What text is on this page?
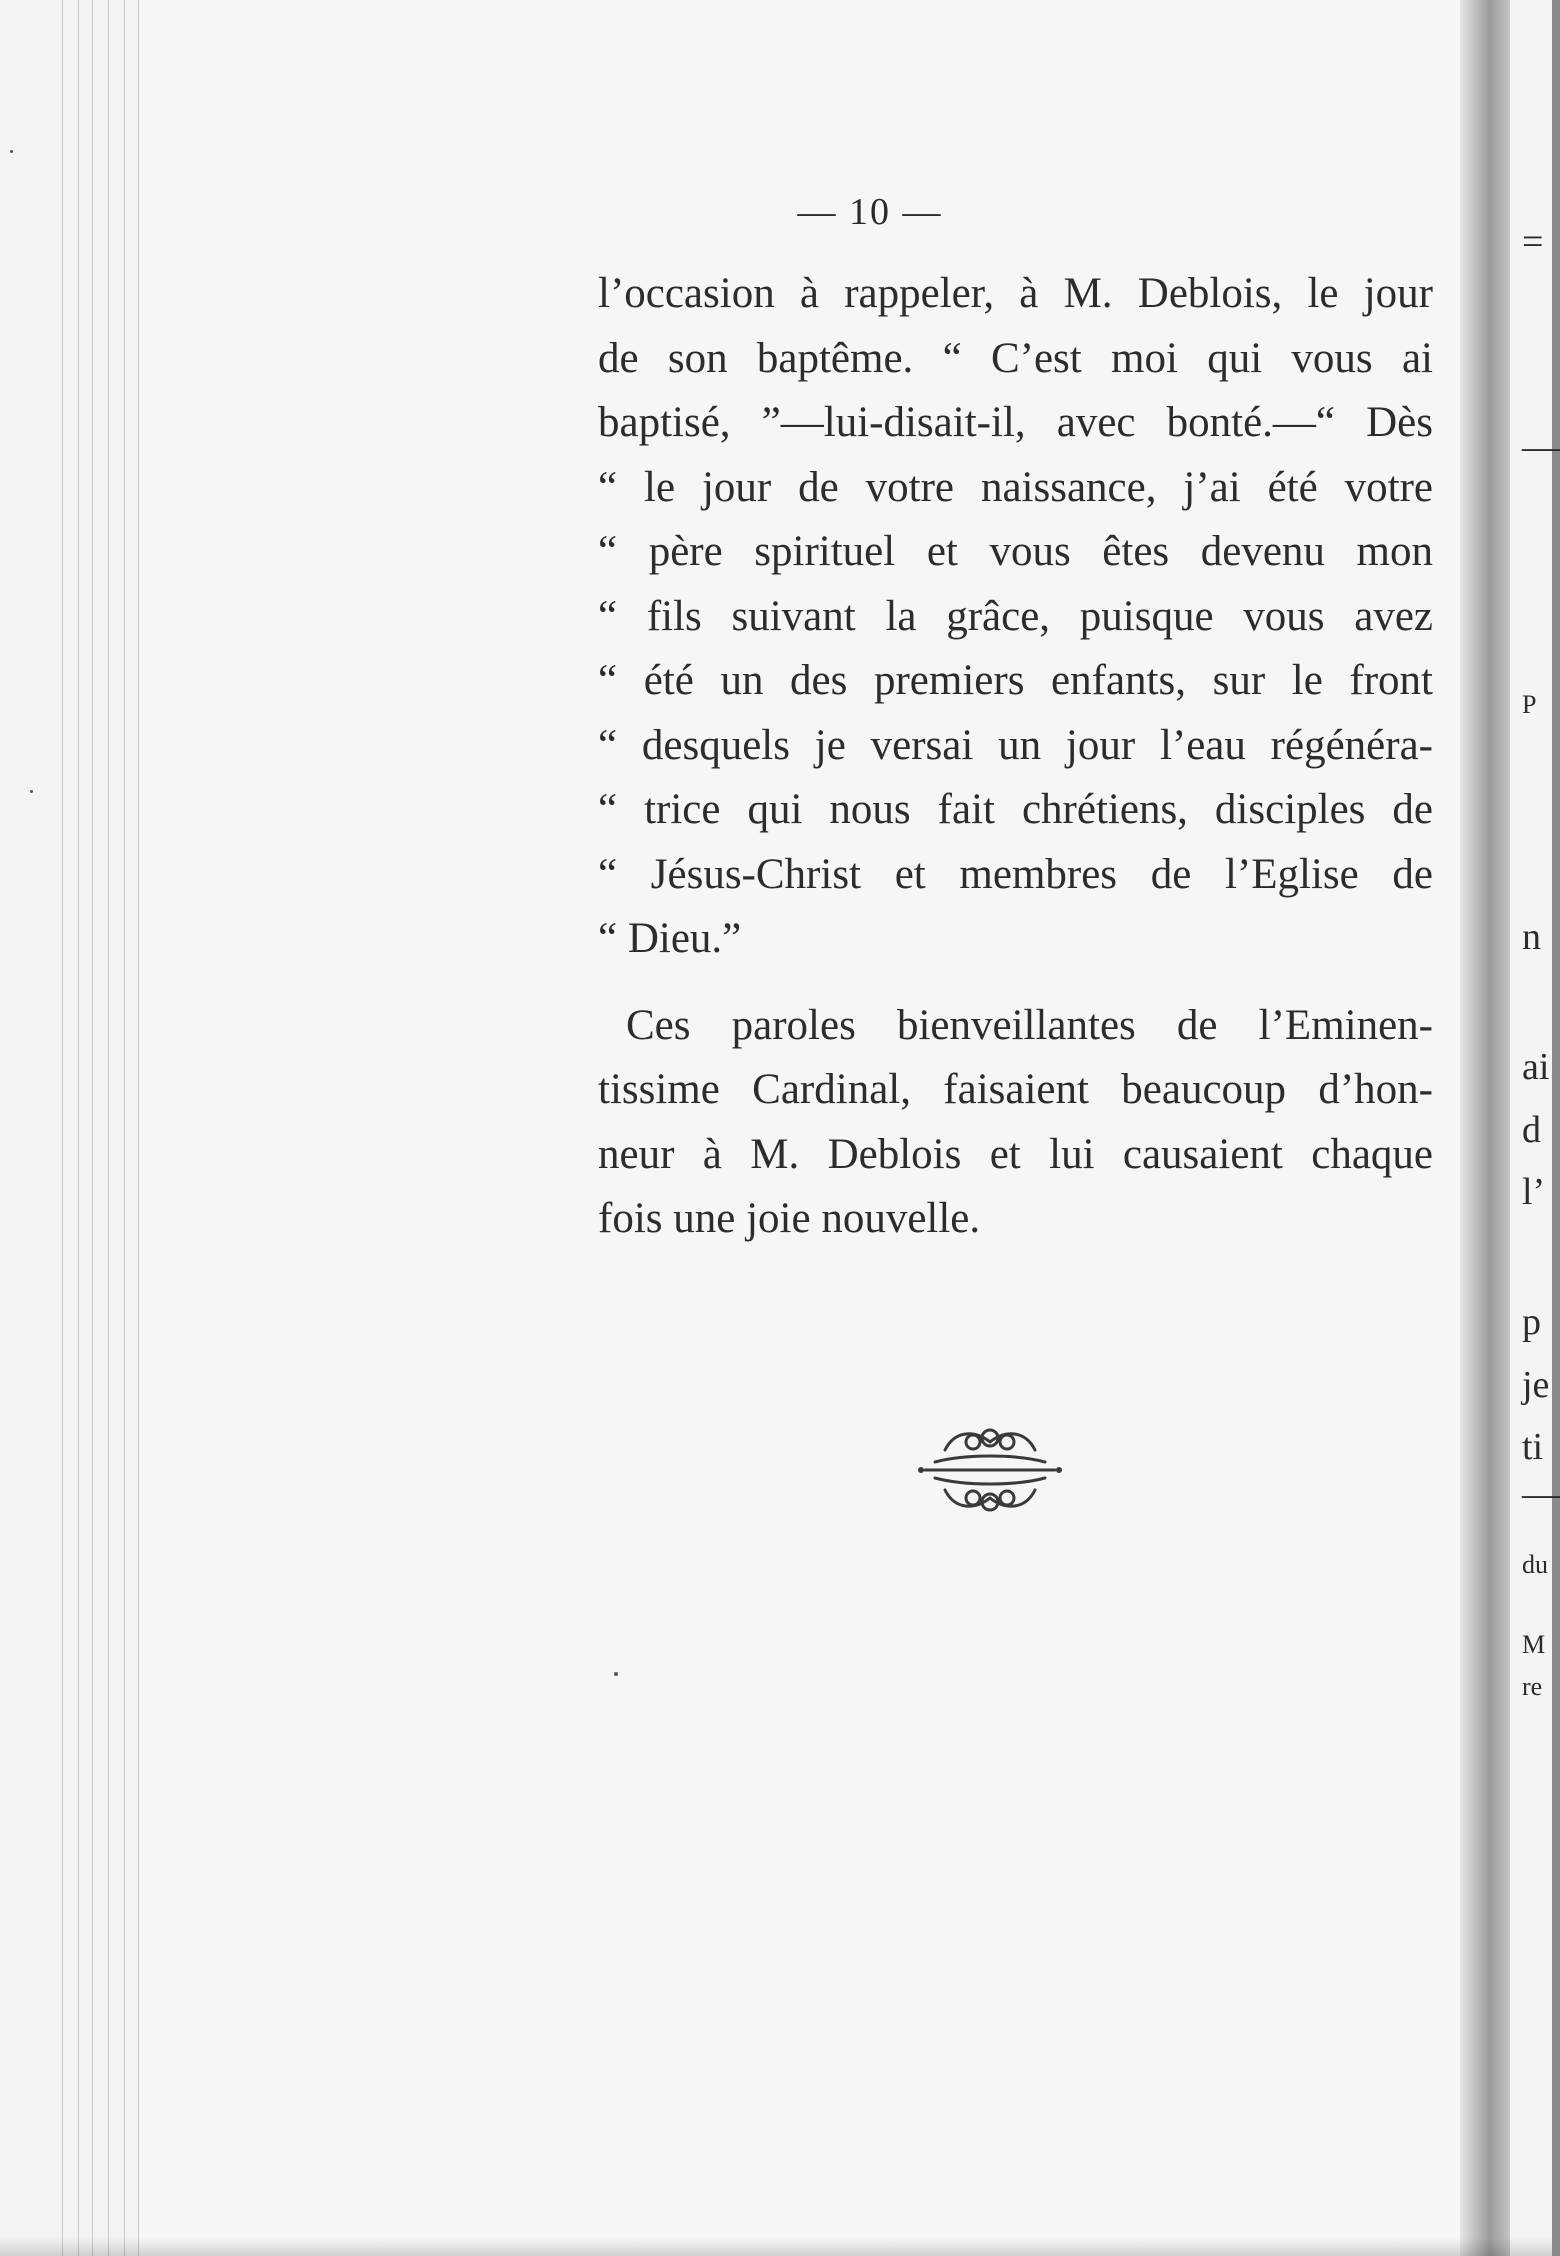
— 10 —
l’occasion à rappeler, à M. Deblois, le jour
de son baptême. “ C’est moi qui vous ai
baptisé, ”—lui-disait-il, avec bonté.—“ Dès
“ le jour de votre naissance, j’ai été votre
“ père spirituel et vous êtes devenu mon
“ fils suivant la grâce, puisque vous avez
“ été un des premiers enfants, sur le front
“ desquels je versai un jour l’eau régénéra-
“ trice qui nous fait chrétiens, disciples de
“ Jésus-Christ et membres de l’Eglise de
“ Dieu.”
Ces paroles bienveillantes de l’Eminen-
tissime Cardinal, faisaient beaucoup d’hon-
neur à M. Deblois et lui causaient chaque
fois une joie nouvelle.
=
—
P
n
ai
d
l’
p
je
ti
—
du
M
re
